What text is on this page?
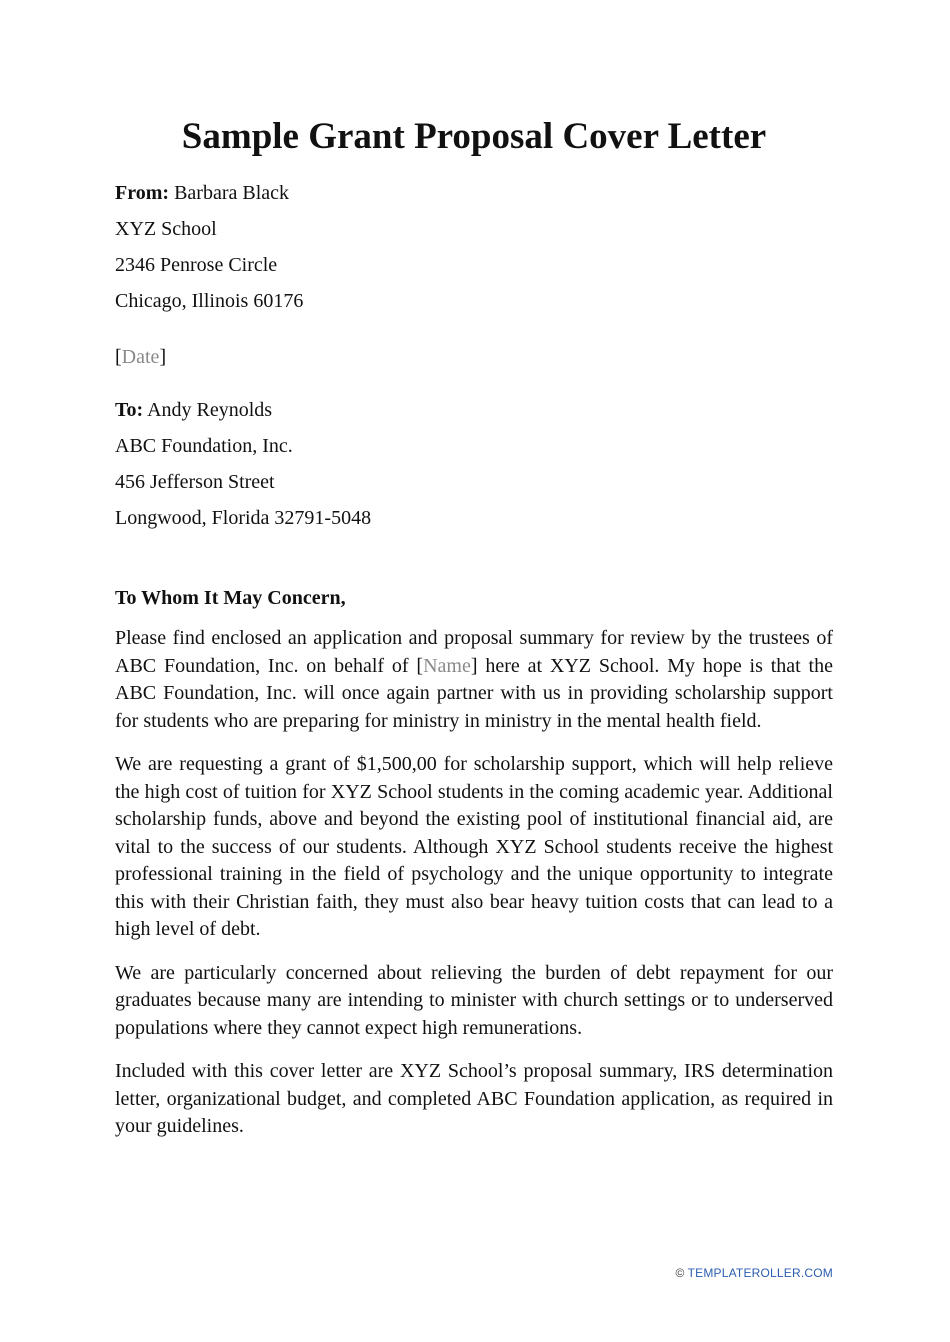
Sample Grant Proposal Cover Letter
From: Barbara Black
XYZ School
2346 Penrose Circle
Chicago, Illinois 60176
[Date]
To: Andy Reynolds
ABC Foundation, Inc.
456 Jefferson Street
Longwood, Florida 32791-5048
To Whom It May Concern,

Please find enclosed an application and proposal summary for review by the trustees of ABC Foundation, Inc. on behalf of [Name] here at XYZ School. My hope is that the ABC Foundation, Inc. will once again partner with us in providing scholarship support for students who are preparing for ministry in ministry in the mental health field.

We are requesting a grant of $1,500,00 for scholarship support, which will help relieve the high cost of tuition for XYZ School students in the coming academic year. Additional scholarship funds, above and beyond the existing pool of institutional financial aid, are vital to the success of our students. Although XYZ School students receive the highest professional training in the field of psychology and the unique opportunity to integrate this with their Christian faith, they must also bear heavy tuition costs that can lead to a high level of debt.

We are particularly concerned about relieving the burden of debt repayment for our graduates because many are intending to minister with church settings or to underserved populations where they cannot expect high remunerations.

Included with this cover letter are XYZ School’s proposal summary, IRS determination letter, organizational budget, and completed ABC Foundation application, as required in your guidelines.

© TEMPLATEROLLER.COM
